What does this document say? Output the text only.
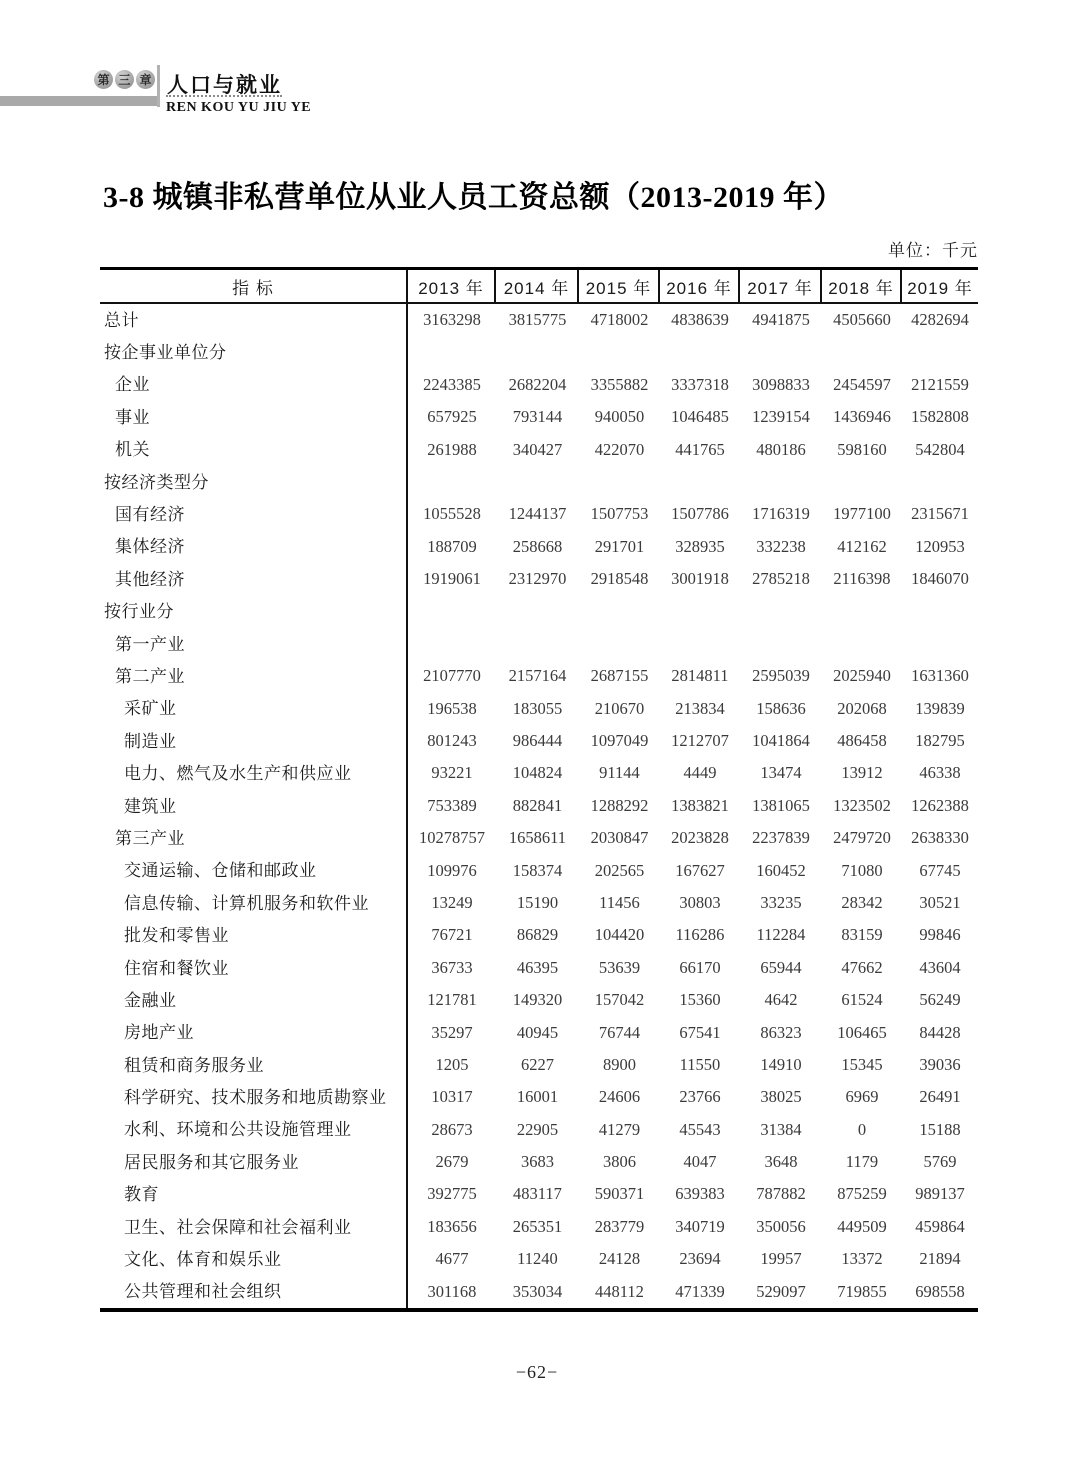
第 三 章 人口与就业
REN KOU YU JIU YE
3-8 城镇非私营单位从业人员工资总额（2013-2019 年）
单位：千元
指 标	2013 年	2014 年 2015 年 2016 年 2017 年 2018 年 2019 年
总计	3163298	3815775	4718002	4838639	4941875	4505660	4282694
按企事业单位分
企业	2243385	2682204	3355882	3337318	3098833	2454597	2121559
事业	657925	793144	940050	1046485	1239154	1436946	1582808
机关	261988	340427	422070	441765	480186	598160	542804
按经济类型分
国有经济	1055528	1244137	1507753	1507786	1716319	1977100	2315671
集体经济	188709	258668	291701	328935	332238	412162	120953
其他经济	1919061	2312970	2918548	3001918	2785218	2116398	1846070
按行业分
第一产业
第二产业	2107770	2157164	2687155	2814811	2595039	2025940	1631360
采矿业	196538	183055	210670	213834	158636	202068	139839
制造业	801243	986444	1097049	1212707	1041864	486458	182795
电力、燃气及水生产和供应业	93221	104824	91144	4449	13474	13912	46338
建筑业	753389	882841	1288292	1383821	1381065	1323502	1262388
第三产业	10278757	1658611	2030847	2023828	2237839	2479720	2638330
交通运输、仓储和邮政业	109976	158374	202565	167627	160452	71080	67745
信息传输、计算机服务和软件业	13249	15190	11456	30803	33235	28342	30521
批发和零售业	76721	86829	104420	116286	112284	83159	99846
住宿和餐饮业	36733	46395	53639	66170	65944	47662	43604
金融业	121781	149320	157042	15360	4642	61524	56249
房地产业	35297	40945	76744	67541	86323	106465	84428
租赁和商务服务业	1205	6227	8900	11550	14910	15345	39036
科学研究、技术服务和地质勘察业	10317	16001	24606	23766	38025	6969	26491
水利、环境和公共设施管理业	28673	22905	41279	45543	31384	0	15188
居民服务和其它服务业	2679	3683	3806	4047	3648	1179	5769
教育	392775	483117	590371	639383	787882	875259	989137
卫生、社会保障和社会福利业	183656	265351	283779	340719	350056	449509	459864
文化、体育和娱乐业	4677	11240	24128	23694	19957	13372	21894
公共管理和社会组织	301168	353034	448112	471339	529097	719855	698558
−62−
